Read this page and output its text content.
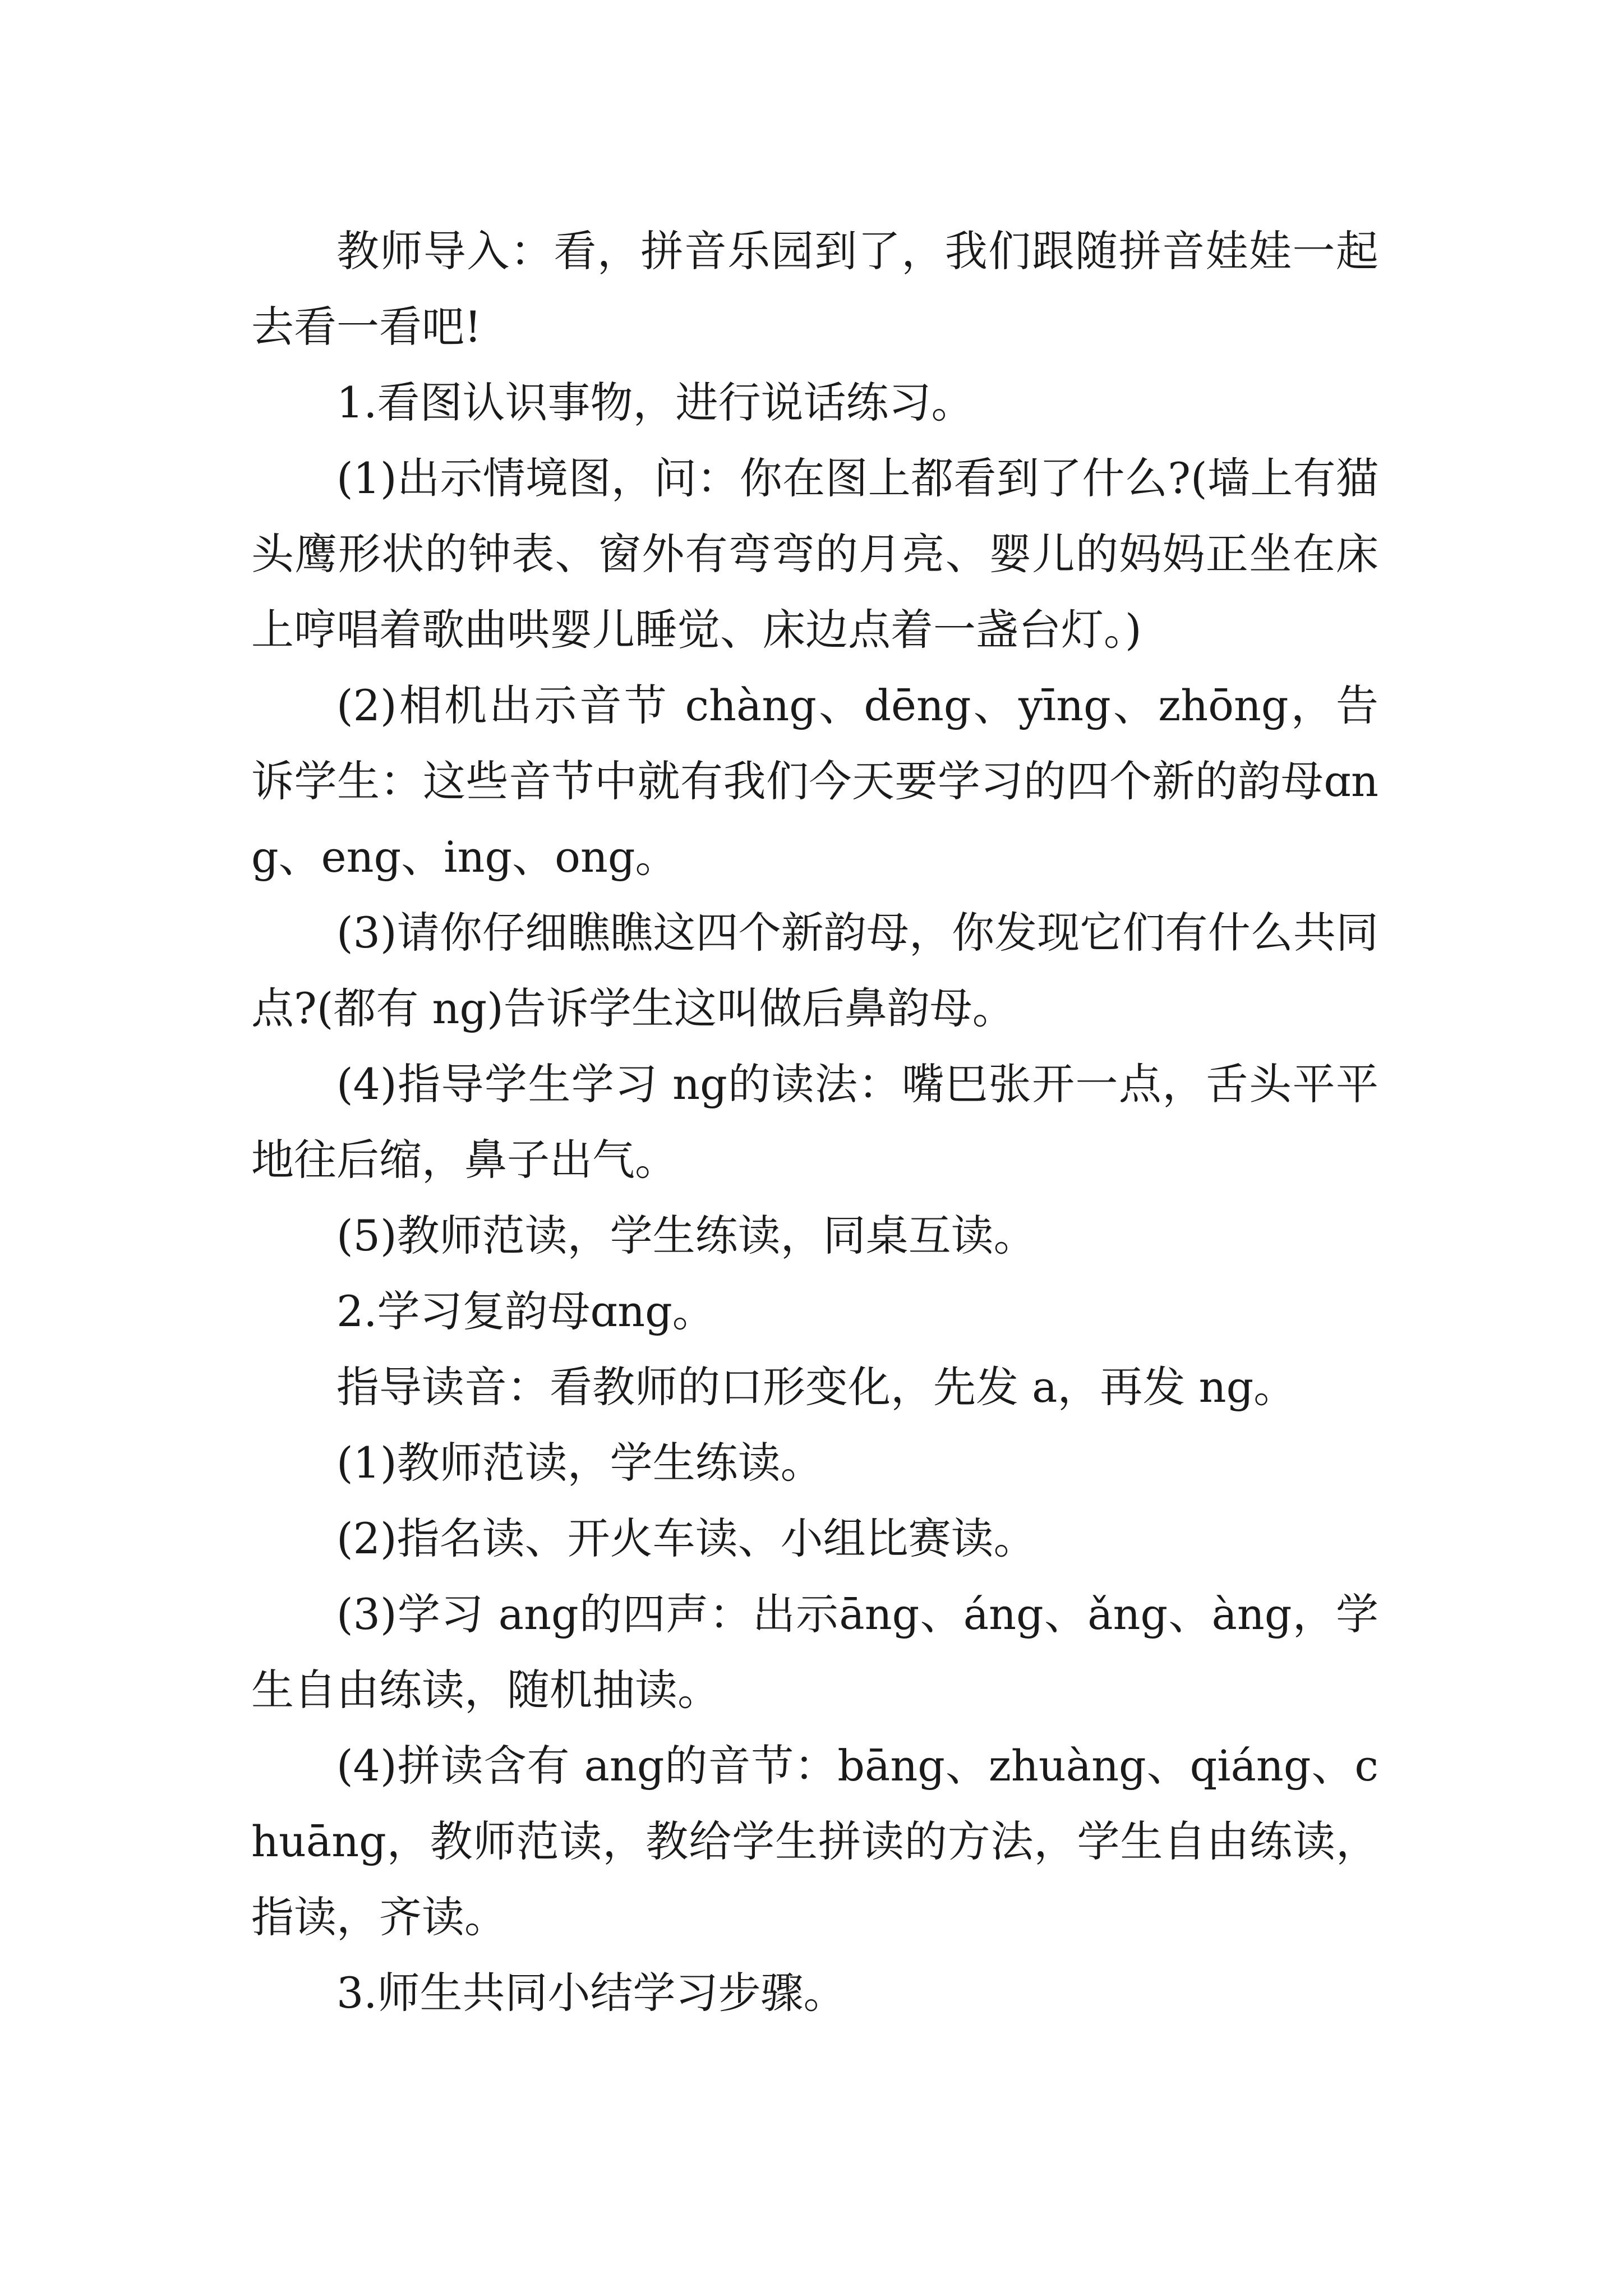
教师导入：看，拼音乐园到了，我们跟随拼音娃娃一起去看一看吧!

1.看图认识事物，进行说话练习。

(1)出示情境图，问：你在图上都看到了什么?(墙上有猫头鹰形状的钟表、窗外有弯弯的月亮、婴儿的妈妈正坐在床上哼唱着歌曲哄婴儿睡觉、床边点着一盏台灯。)

(2)相机出示音节 chàng、dēng、yīng、zhōng，告诉学生：这些音节中就有我们今天要学习的四个新的韵母ɑng、eng、ing、ong。

(3)请你仔细瞧瞧这四个新韵母，你发现它们有什么共同点?(都有 ng)告诉学生这叫做后鼻韵母。

(4)指导学生学习 ng的读法：嘴巴张开一点，舌头平平地往后缩，鼻子出气。

(5)教师范读，学生练读，同桌互读。

2.学习复韵母ɑng。

指导读音：看教师的口形变化，先发 a，再发 ng。

(1)教师范读，学生练读。

(2)指名读、开火车读、小组比赛读。

(3)学习 ang的四声：出示āng、áng、ǎng、àng，学生自由练读，随机抽读。

(4)拼读含有 ang的音节：bāng、zhuàng、qiáng、chuāng，教师范读，教给学生拼读的方法，学生自由练读，指读，齐读。

3.师生共同小结学习步骤。
